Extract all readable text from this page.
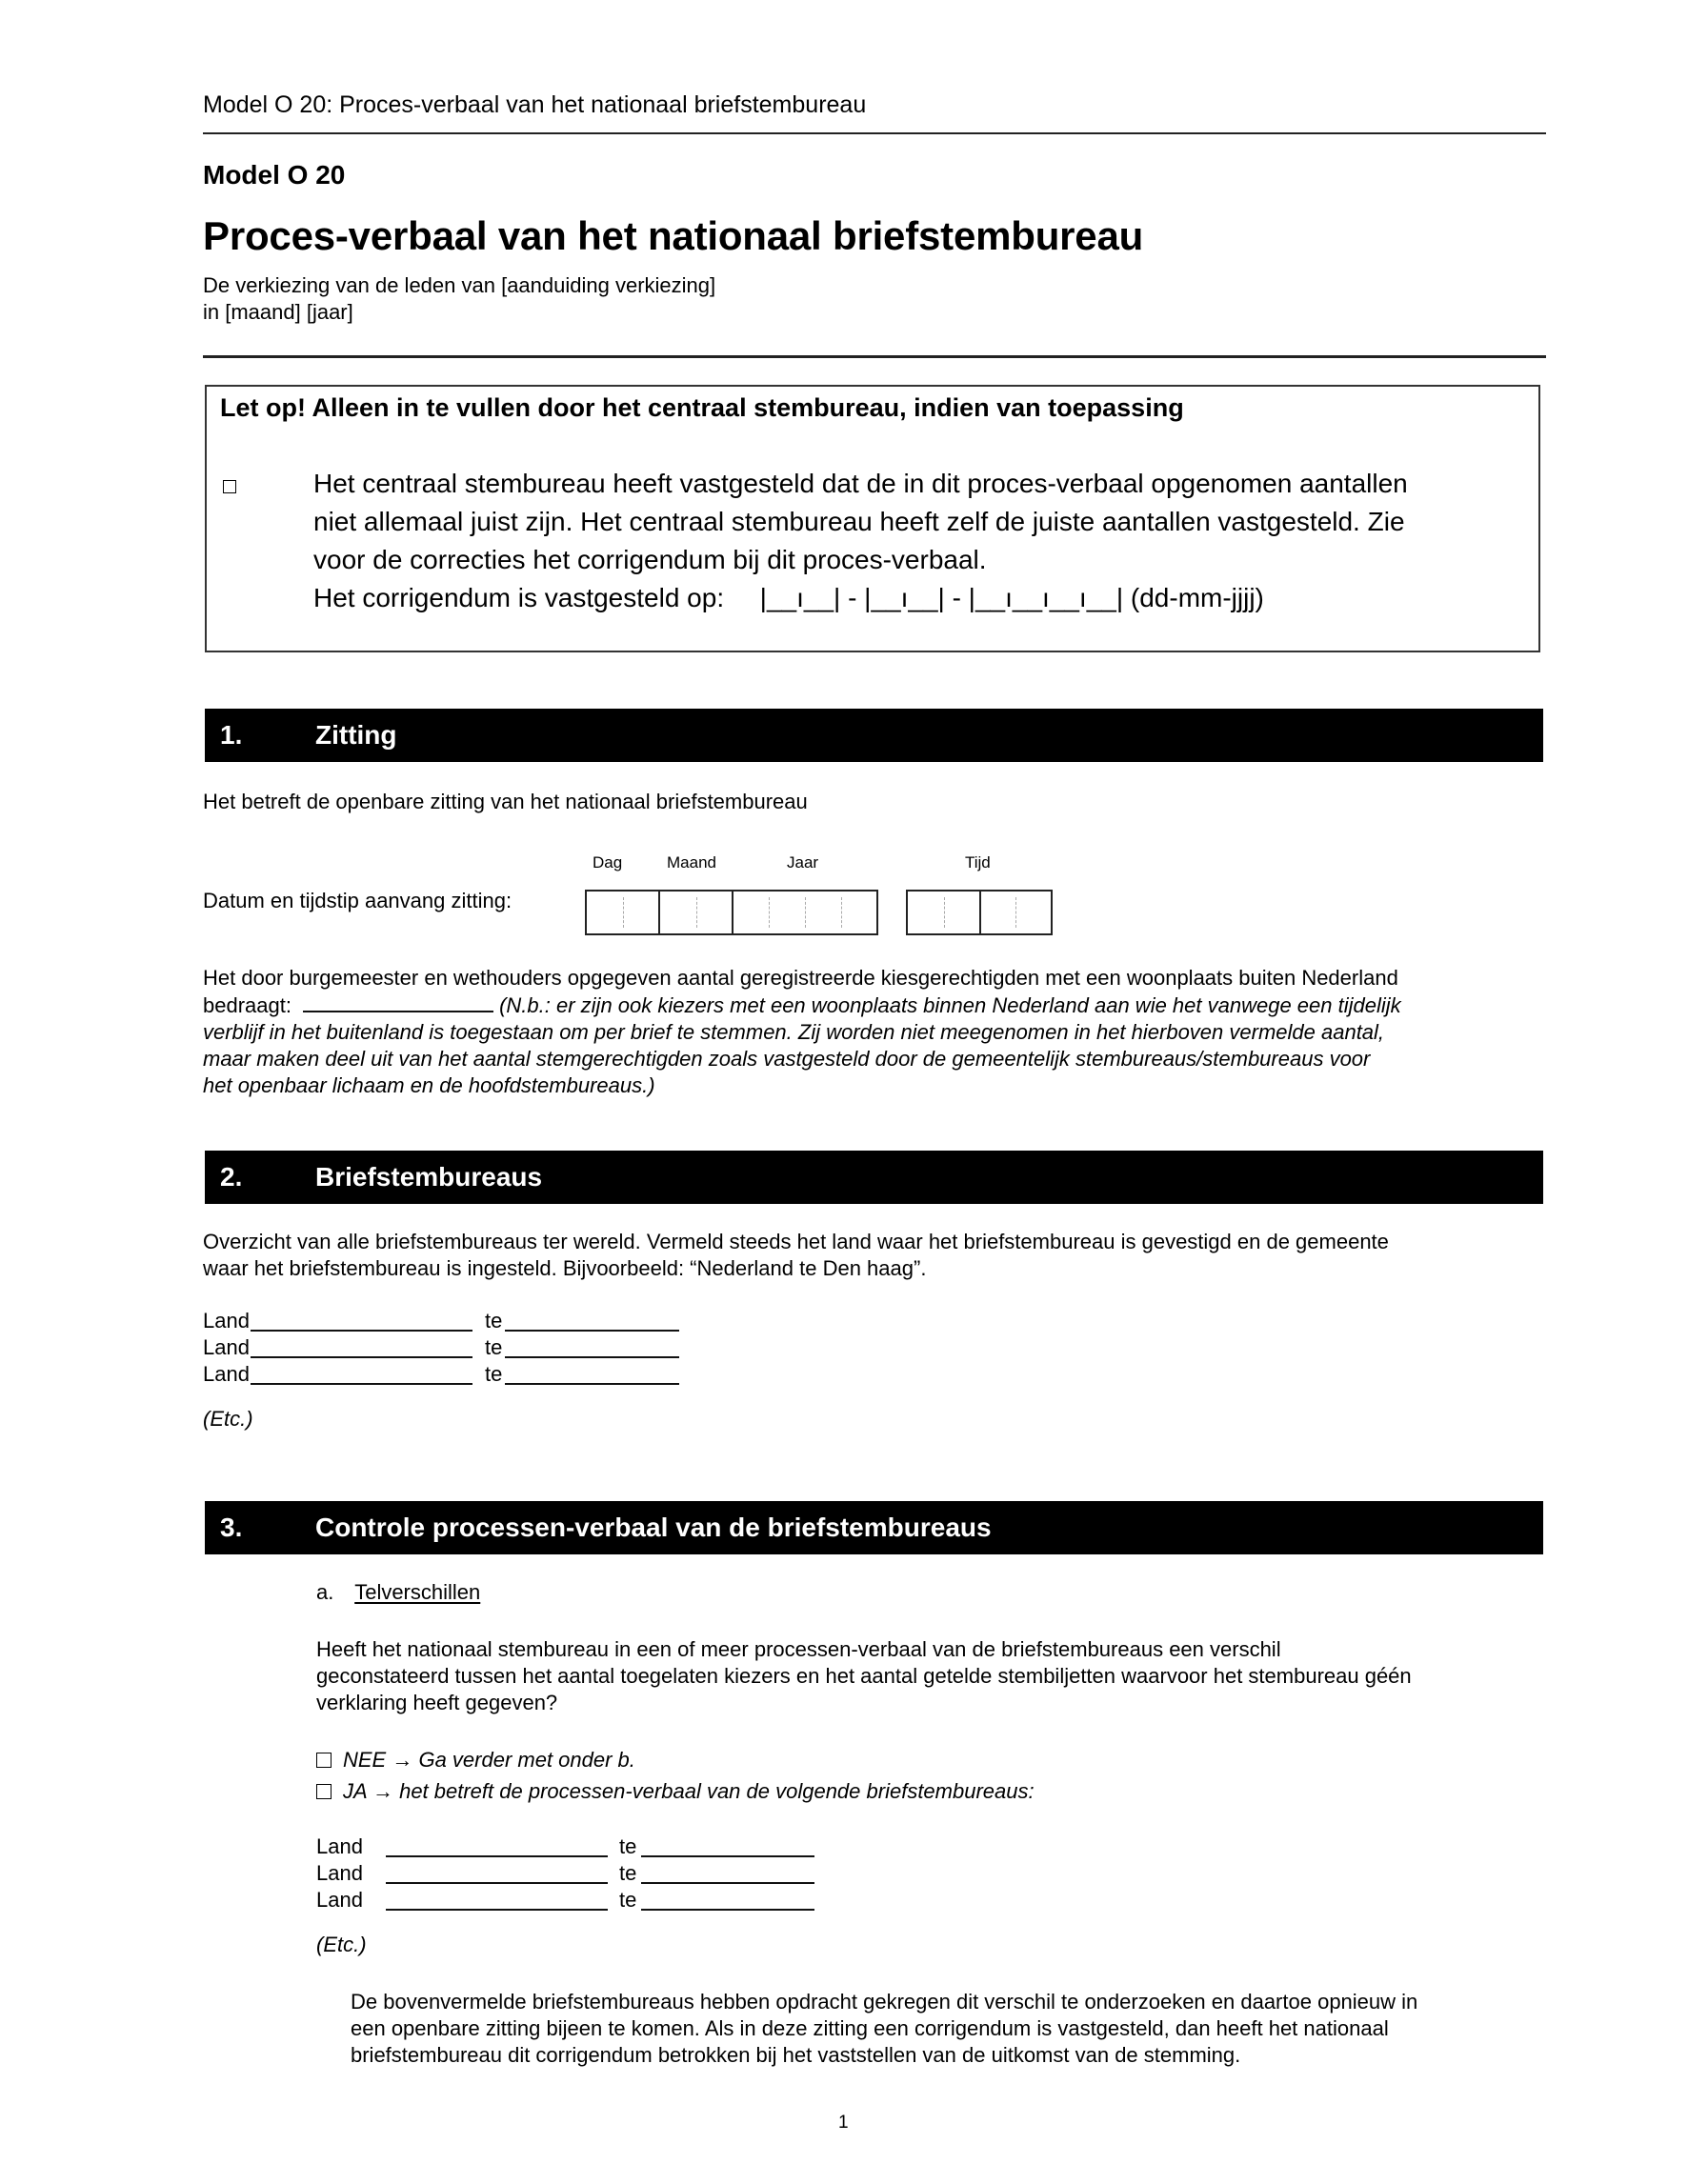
Model O 20: Proces-verbaal van het nationaal briefstembureau
Model O 20
Proces-verbaal van het nationaal briefstembureau
De verkiezing van de leden van [aanduiding verkiezing]
in [maand] [jaar]
Let op! Alleen in te vullen door het centraal stembureau, indien van toepassing
Het centraal stembureau heeft vastgesteld dat de in dit proces-verbaal opgenomen aantallen
niet allemaal juist zijn. Het centraal stembureau heeft zelf de juiste aantallen vastgesteld. Zie
voor de correcties het corrigendum bij dit proces-verbaal.
Het corrigendum is vastgesteld op: |__ı__| - |__ı__| - |__ı__ı__ı__| (dd-mm-jjjj)
1.	Zitting
Het betreft de openbare zitting van het nationaal briefstembureau
Dag	Maand	Jaar	Tijd
Datum en tijdstip aanvang zitting:
Het door burgemeester en wethouders opgegeven aantal geregistreerde kiesgerechtigden met een woonplaats buiten Nederland
bedraagt:	(N.b.: er zijn ook kiezers met een woonplaats binnen Nederland aan wie het vanwege een tijdelijk
verblijf in het buitenland is toegestaan om per brief te stemmen. Zij worden niet meegenomen in het hierboven vermelde aantal,
maar maken deel uit van het aantal stemgerechtigden zoals vastgesteld door de gemeentelijk stembureaus/stembureaus voor
het openbaar lichaam en de hoofdstembureaus.)
2.	Briefstembureaus
Overzicht van alle briefstembureaus ter wereld. Vermeld steeds het land waar het briefstembureau is gevestigd en de gemeente
waar het briefstembureau is ingesteld. Bijvoorbeeld: “Nederland te Den haag”.
Land	te
Land	te
Land	te
(Etc.)
3.	Controle processen-verbaal van de briefstembureaus
a. Telverschillen
Heeft het nationaal stembureau in een of meer processen-verbaal van de briefstembureaus een verschil
geconstateerd tussen het aantal toegelaten kiezers en het aantal getelde stembiljetten waarvoor het stembureau géén
verklaring heeft gegeven?
NEE → Ga verder met onder b.
JA → het betreft de processen-verbaal van de volgende briefstembureaus:
Land	te
Land	te
Land	te
(Etc.)
De bovenvermelde briefstembureaus hebben opdracht gekregen dit verschil te onderzoeken en daartoe opnieuw in
een openbare zitting bijeen te komen. Als in deze zitting een corrigendum is vastgesteld, dan heeft het nationaal
briefstembureau dit corrigendum betrokken bij het vaststellen van de uitkomst van de stemming.
1
